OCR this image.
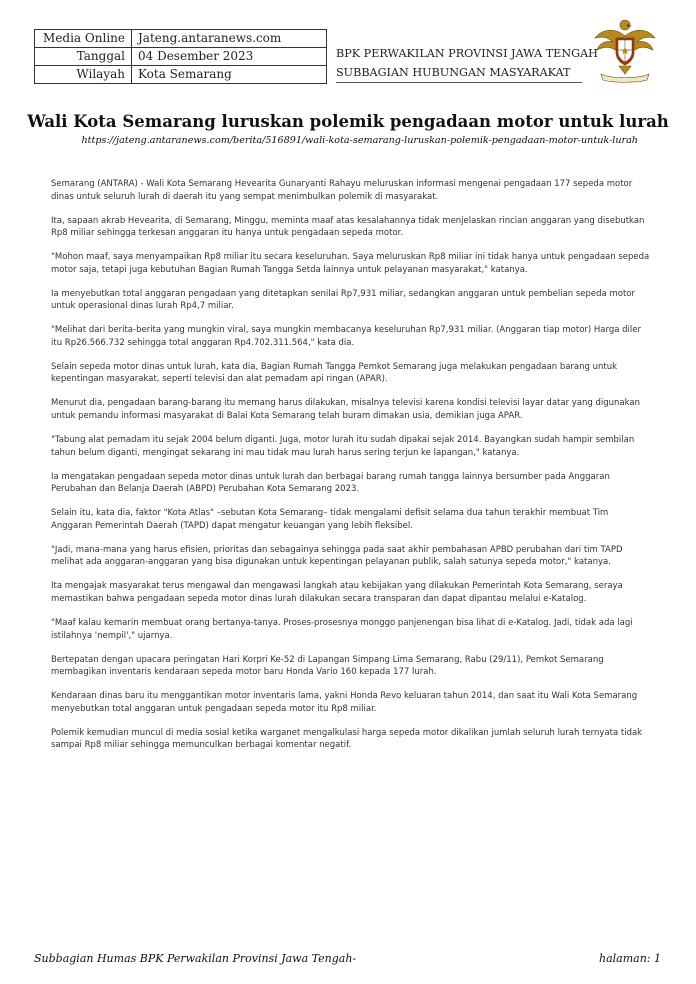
Media Online	Jateng.antaranews.com
Tanggal	04 Desember 2023
Wilayah	Kota Semarang
BPK PERWAKILAN PROVINSI JAWA TENGAH
SUBBAGIAN HUBUNGAN MASYARAKAT
Wali Kota Semarang luruskan polemik pengadaan motor untuk lurah
https://jateng.antaranews.com/berita/516891/wali-kota-semarang-luruskan-polemik-pengadaan-motor-untuk-lurah

Semarang (ANTARA) - Wali Kota Semarang Hevearita Gunaryanti Rahayu meluruskan informasi mengenai pengadaan 177 sepeda motor dinas untuk seluruh lurah di daerah itu yang sempat menimbulkan polemik di masyarakat.

Ita, sapaan akrab Hevearita, di Semarang, Minggu, meminta maaf atas kesalahannya tidak menjelaskan rincian anggaran yang disebutkan Rp8 miliar sehingga terkesan anggaran itu hanya untuk pengadaan sepeda motor.

"Mohon maaf, saya menyampaikan Rp8 miliar itu secara keseluruhan. Saya meluruskan Rp8 miliar ini tidak hanya untuk pengadaan sepeda motor saja, tetapi juga kebutuhan Bagian Rumah Tangga Setda lainnya untuk pelayanan masyarakat," katanya.

Ia menyebutkan total anggaran pengadaan yang ditetapkan senilai Rp7,931 miliar, sedangkan anggaran untuk pembelian sepeda motor untuk operasional dinas lurah Rp4,7 miliar.

"Melihat dari berita-berita yang mungkin viral, saya mungkin membacanya keseluruhan Rp7,931 miliar. (Anggaran tiap motor) Harga diler itu Rp26.566.732 sehingga total anggaran Rp4.702.311.564," kata dia.

Selain sepeda motor dinas untuk lurah, kata dia, Bagian Rumah Tangga Pemkot Semarang juga melakukan pengadaan barang untuk kepentingan masyarakat, seperti televisi dan alat pemadam api ringan (APAR).

Menurut dia, pengadaan barang-barang itu memang harus dilakukan, misalnya televisi karena kondisi televisi layar datar yang digunakan untuk pemandu informasi masyarakat di Balai Kota Semarang telah buram dimakan usia, demikian juga APAR.

"Tabung alat pemadam itu sejak 2004 belum diganti. Juga, motor lurah itu sudah dipakai sejak 2014. Bayangkan sudah hampir sembilan tahun belum diganti, mengingat sekarang ini mau tidak mau lurah harus sering terjun ke lapangan," katanya.

Ia mengatakan pengadaan sepeda motor dinas untuk lurah dan berbagai barang rumah tangga lainnya bersumber pada Anggaran Perubahan dan Belanja Daerah (ABPD) Perubahan Kota Semarang 2023.

Selain itu, kata dia, faktor "Kota Atlas" –sebutan Kota Semarang– tidak mengalami defisit selama dua tahun terakhir membuat Tim Anggaran Pemerintah Daerah (TAPD) dapat mengatur keuangan yang lebih fleksibel.

"Jadi, mana-mana yang harus efisien, prioritas dan sebagainya sehingga pada saat akhir pembahasan APBD perubahan dari tim TAPD melihat ada anggaran-anggaran yang bisa digunakan untuk kepentingan pelayanan publik, salah satunya sepeda motor," katanya.

Ita mengajak masyarakat terus mengawal dan mengawasi langkah atau kebijakan yang dilakukan Pemerintah Kota Semarang, seraya memastikan bahwa pengadaan sepeda motor dinas lurah dilakukan secara transparan dan dapat dipantau melalui e-Katalog.

"Maaf kalau kemarin membuat orang bertanya-tanya. Proses-prosesnya monggo panjenengan bisa lihat di e-Katalog. Jadi, tidak ada lagi istilahnya 'nempil'," ujarnya.

Bertepatan dengan upacara peringatan Hari Korpri Ke-52 di Lapangan Simpang Lima Semarang, Rabu (29/11), Pemkot Semarang membagikan inventaris kendaraan sepeda motor baru Honda Vario 160 kepada 177 lurah.

Kendaraan dinas baru itu menggantikan motor inventaris lama, yakni Honda Revo keluaran tahun 2014, dan saat itu Wali Kota Semarang menyebutkan total anggaran untuk pengadaan sepeda motor itu Rp8 miliar.

Polemik kemudian muncul di media sosial ketika warganet mengalkulasi harga sepeda motor dikalikan jumlah seluruh lurah ternyata tidak sampai Rp8 miliar sehingga memunculkan berbagai komentar negatif.

Subbagian Humas BPK Perwakilan Provinsi Jawa Tengah-	halaman: 1
